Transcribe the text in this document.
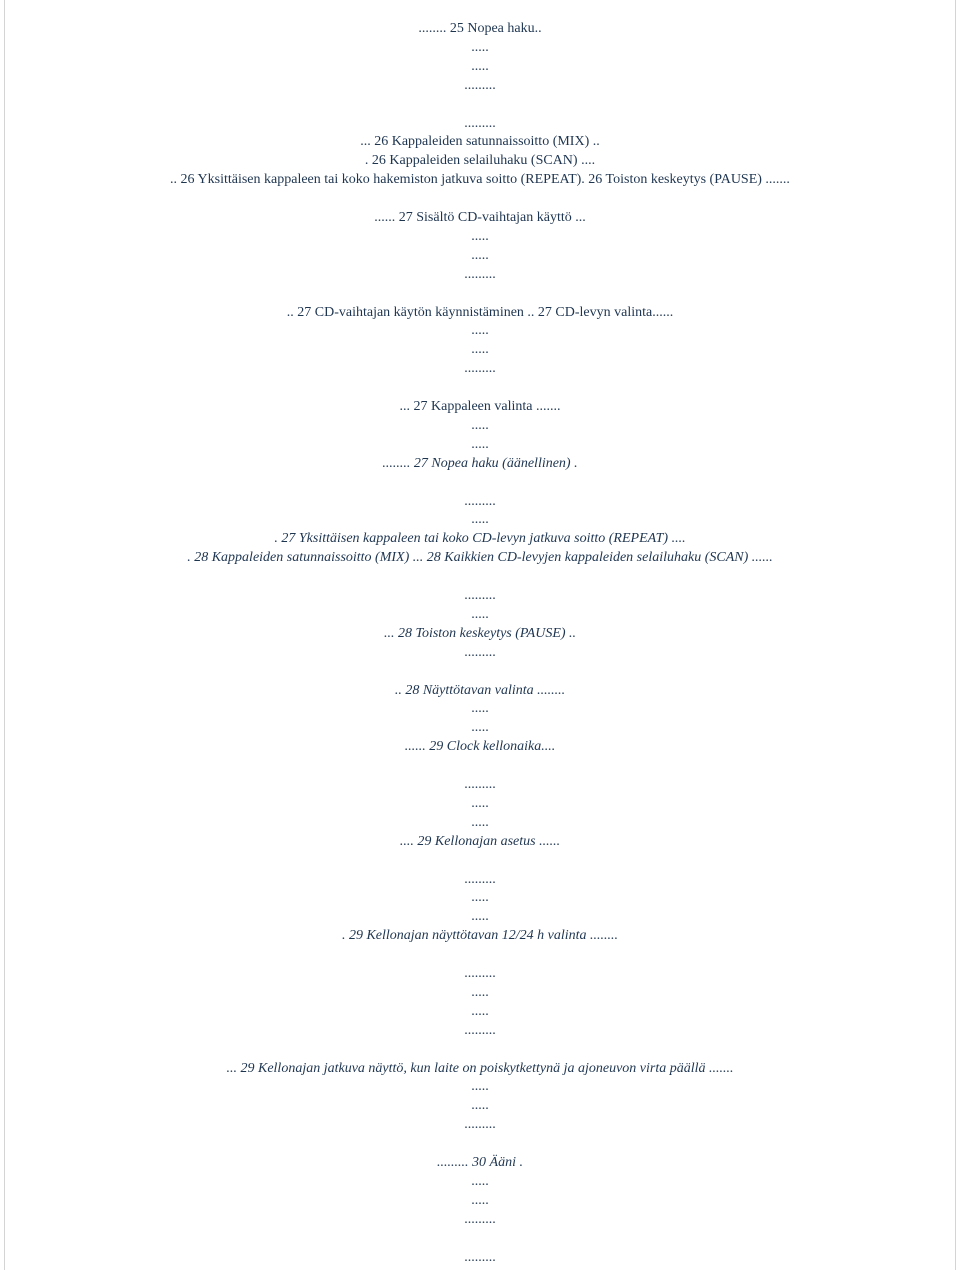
........ 25 Nopea haku..
.....
.....
.........
.........
... 26 Kappaleiden satunnaissoitto (MIX) ..
. 26 Kappaleiden selailuhaku (SCAN) ....
.. 26 Yksittäisen kappaleen tai koko hakemiston jatkuva soitto (REPEAT). 26 Toiston keskeytys (PAUSE) .......
...... 27 Sisältö CD-vaihtajan käyttö ...
.....
.....
.........
.. 27 CD-vaihtajan käytön käynnistäminen .. 27 CD-levyn valinta......
.....
.....
.........
... 27 Kappaleen valinta .......
.....
.....
........ 27 Nopea haku (äänellinen) .
.........
.....
. 27 Yksittäisen kappaleen tai koko CD-levyn jatkuva soitto (REPEAT) ....
. 28 Kappaleiden satunnaissoitto (MIX) ... 28 Kaikkien CD-levyjen kappaleiden selailuhaku (SCAN) ......
.........
.....
... 28 Toiston keskeytys (PAUSE) ..
.........
.. 28 Näyttötavan valinta ........
.....
.....
...... 29 Clock kellonaika....
.........
.....
.....
.... 29 Kellonajan asetus ......
.........
.....
.....
. 29 Kellonajan näyttötavan 12/24 h valinta ........
.........
.....
.....
.........
... 29 Kellonajan jatkuva näyttö, kun laite on poiskytkettynä ja ajoneuvon virta päällä .......
.....
.....
.........
......... 30 Ääni .
.....
.....
.........
.........
